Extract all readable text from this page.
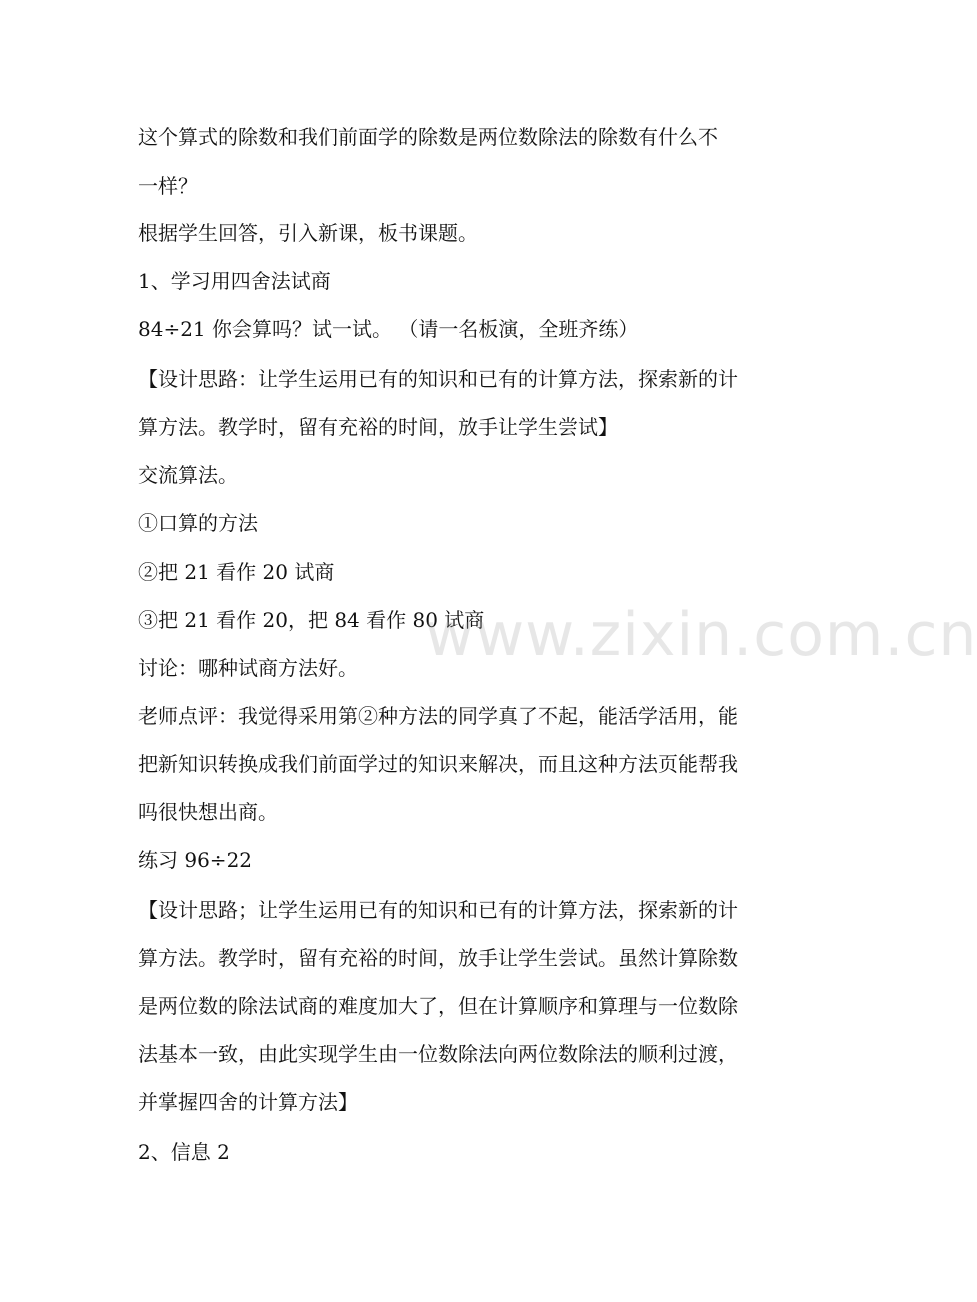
这个算式的除数和我们前面学的除数是两位数除法的除数有什么不
一样？
根据学生回答，引入新课，板书课题。
1、学习用四舍法试商
84÷21 你会算吗？试一试。 （请一名板演，全班齐练）
【设计思路：让学生运用已有的知识和已有的计算方法，探索新的计
算方法。教学时，留有充裕的时间，放手让学生尝试】
交流算法。
①口算的方法
②把 21 看作 20 试商
③把 21 看作 20，把 84 看作 80 试商
讨论：哪种试商方法好。
老师点评：我觉得采用第②种方法的同学真了不起，能活学活用，能
把新知识转换成我们前面学过的知识来解决，而且这种方法页能帮我
吗很快想出商。
练习 96÷22
【设计思路；让学生运用已有的知识和已有的计算方法，探索新的计
算方法。教学时，留有充裕的时间，放手让学生尝试。虽然计算除数
是两位数的除法试商的难度加大了，但在计算顺序和算理与一位数除
法基本一致，由此实现学生由一位数除法向两位数除法的顺利过渡，
并掌握四舍的计算方法】
2、信息 2
www.zixin.com.cn
